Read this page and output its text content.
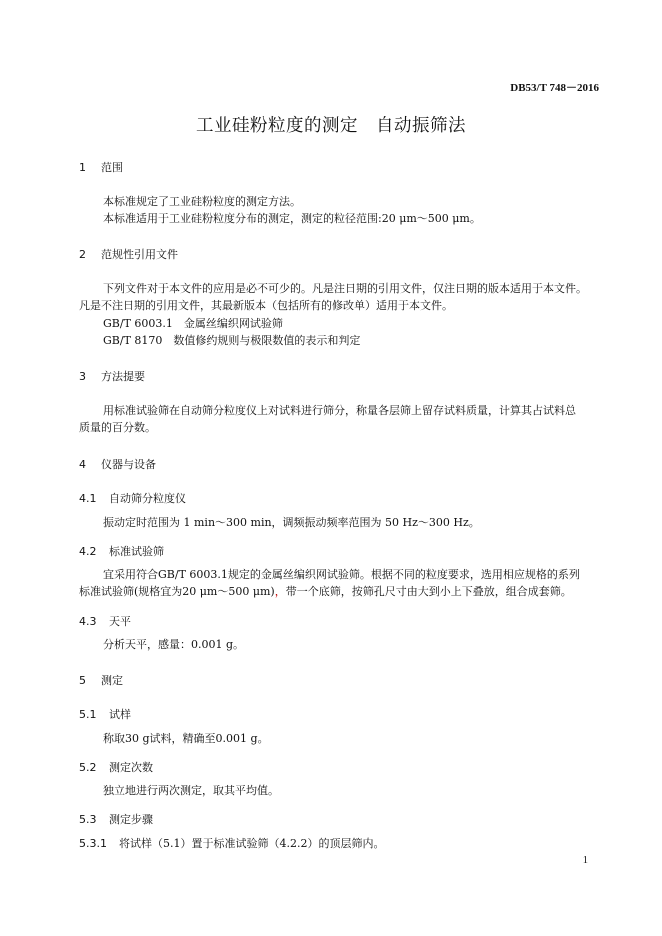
DB53/T 748－2016
工业硅粉粒度的测定　自动振筛法
1 范围
本标准规定了工业硅粉粒度的测定方法。
本标准适用于工业硅粉粒度分布的测定，测定的粒径范围:20 μm～500 μm。
2 范规性引用文件
下列文件对于本文件的应用是必不可少的。凡是注日期的引用文件，仅注日期的版本适用于本文件。
凡是不注日期的引用文件，其最新版本（包括所有的修改单）适用于本文件。
GB/T 6003.1　金属丝编织网试验筛
GB/T 8170　数值修约规则与极限数值的表示和判定
3 方法提要
用标准试验筛在自动筛分粒度仪上对试料进行筛分，称量各层筛上留存试料质量，计算其占试料总
质量的百分数。
4 仪器与设备
4.1 自动筛分粒度仪
振动定时范围为 1 min～300 min，调频振动频率范围为 50 Hz～300 Hz。
4.2 标准试验筛
宜采用符合GB/T 6003.1规定的金属丝编织网试验筛。根据不同的粒度要求，选用相应规格的系列
标准试验筛(规格宜为20 μm～500 μm)，带一个底筛，按筛孔尺寸由大到小上下叠放，组合成套筛。
4.3 天平
分析天平，感量：0.001 g。
5 测定
5.1 试样
称取30 g试料，精确至0.001 g。
5.2 测定次数
独立地进行两次测定，取其平均值。
5.3 测定步骤
5.3.1 将试样（5.1）置于标准试验筛（4.2.2）的顶层筛内。
1
